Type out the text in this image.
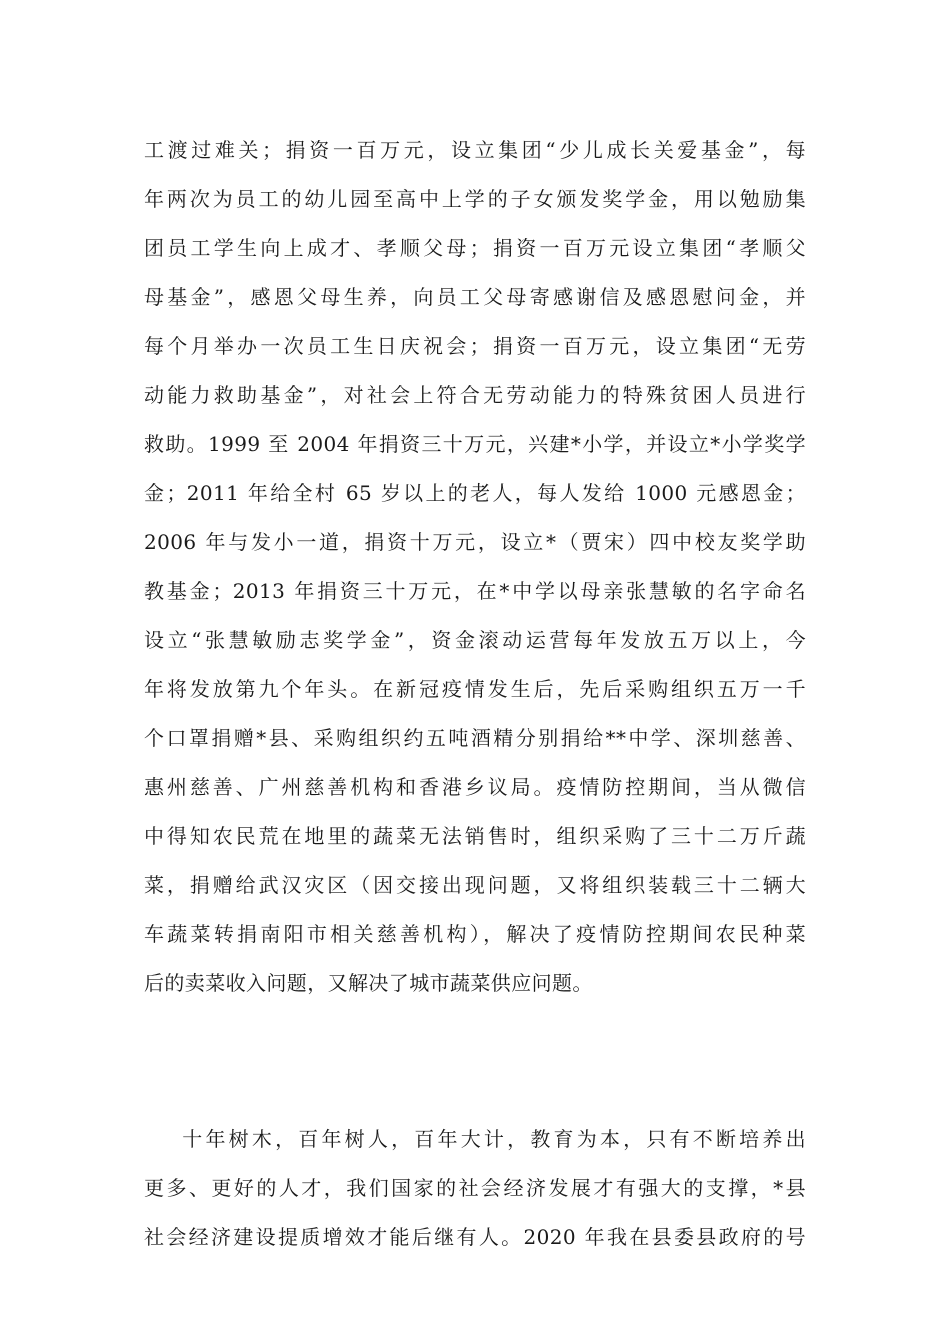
工渡过难关；捐资一百万元，设立集团“少儿成长关爱基金”，每
年两次为员工的幼儿园至高中上学的子女颁发奖学金，用以勉励集
团员工学生向上成才、孝顺父母；捐资一百万元设立集团“孝顺父
母基金”，感恩父母生养，向员工父母寄感谢信及感恩慰问金，并
每个月举办一次员工生日庆祝会；捐资一百万元，设立集团“无劳
动能力救助基金”，对社会上符合无劳动能力的特殊贫困人员进行
救助。1999 至 2004 年捐资三十万元，兴建*小学，并设立*小学奖学
金；2011 年给全村 65 岁以上的老人，每人发给 1000 元感恩金；
2006 年与发小一道，捐资十万元，设立*（贾宋）四中校友奖学助
教基金；2013 年捐资三十万元，在*中学以母亲张慧敏的名字命名
设立“张慧敏励志奖学金”，资金滚动运营每年发放五万以上，今
年将发放第九个年头。在新冠疫情发生后，先后采购组织五万一千
个口罩捐赠*县、采购组织约五吨酒精分别捐给**中学、深圳慈善、
惠州慈善、广州慈善机构和香港乡议局。疫情防控期间，当从微信
中得知农民荒在地里的蔬菜无法销售时，组织采购了三十二万斤蔬
菜，捐赠给武汉灾区（因交接出现问题，又将组织装载三十二辆大
车蔬菜转捐南阳市相关慈善机构），解决了疫情防控期间农民种菜
后的卖菜收入问题，又解决了城市蔬菜供应问题。
十年树木，百年树人，百年大计，教育为本，只有不断培养出
更多、更好的人才，我们国家的社会经济发展才有强大的支撑，*县
社会经济建设提质增效才能后继有人。2020 年我在县委县政府的号
